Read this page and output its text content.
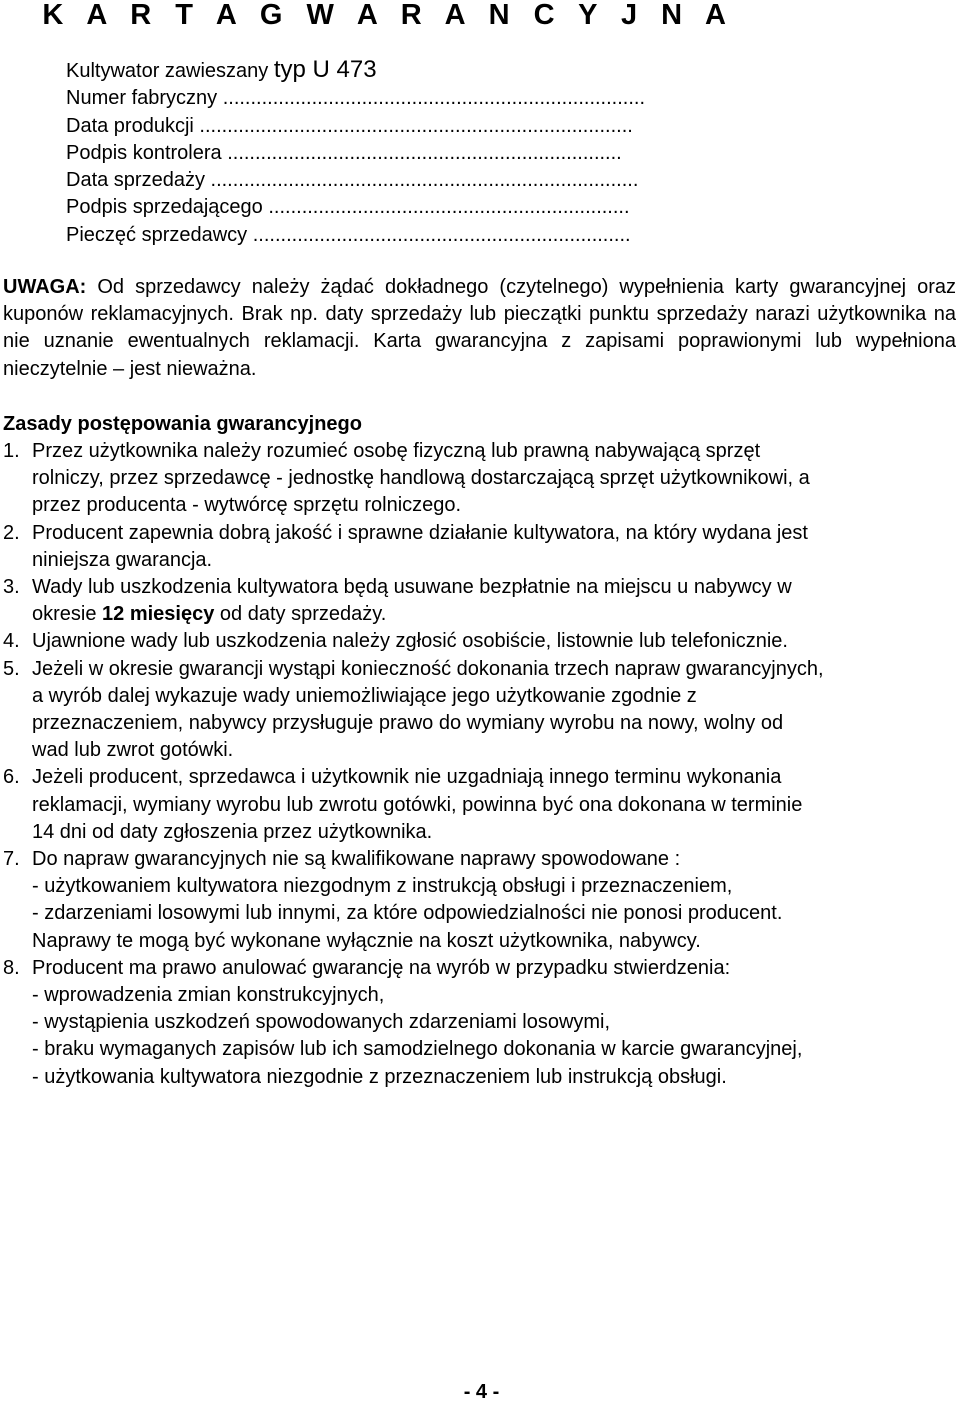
K A R T A G W A R A N C Y J N A
Kultywator zawieszany typ U 473
Numer fabryczny ............................................................................
Data produkcji ..............................................................................
Podpis kontrolera .......................................................................
Data sprzedaży .............................................................................
Podpis sprzedającego .................................................................
Pieczęć sprzedawcy ....................................................................
UWAGA: Od sprzedawcy należy żądać dokładnego (czytelnego) wypełnienia karty gwarancyjnej oraz kuponów reklamacyjnych. Brak np. daty sprzedaży lub pieczątki punktu sprzedaży narazi użytkownika na nie uznanie ewentualnych reklamacji. Karta gwarancyjna z zapisami poprawionymi lub wypełniona nieczytelnie – jest nieważna.
Zasady postępowania gwarancyjnego
1. Przez użytkownika należy rozumieć osobę fizyczną lub prawną nabywającą sprzęt
rolniczy, przez sprzedawcę - jednostkę handlową dostarczającą sprzęt użytkownikowi, a
przez producenta - wytwórcę sprzętu rolniczego.
2. Producent zapewnia dobrą jakość i sprawne działanie kultywatora, na który wydana jest
niniejsza gwarancja.
3. Wady lub uszkodzenia kultywatora będą usuwane bezpłatnie na miejscu u nabywcy w
okresie 12 miesięcy od daty sprzedaży.
4. Ujawnione wady lub uszkodzenia należy zgłosić osobiście, listownie lub telefonicznie.
5. Jeżeli w okresie gwarancji wystąpi konieczność dokonania trzech napraw gwarancyjnych,
a wyrób dalej wykazuje wady uniemożliwiające jego użytkowanie zgodnie z
przeznaczeniem, nabywcy przysługuje prawo do wymiany wyrobu na nowy, wolny od
wad lub zwrot gotówki.
6. Jeżeli producent, sprzedawca i użytkownik nie uzgadniają innego terminu wykonania
reklamacji, wymiany wyrobu lub zwrotu gotówki, powinna być ona dokonana w terminie
14 dni od daty zgłoszenia przez użytkownika.
7. Do napraw gwarancyjnych nie są kwalifikowane naprawy spowodowane :
- użytkowaniem kultywatora niezgodnym z instrukcją obsługi i przeznaczeniem,
- zdarzeniami losowymi lub innymi, za które odpowiedzialności nie ponosi producent.
Naprawy te mogą być wykonane wyłącznie na koszt użytkownika, nabywcy.
8. Producent ma prawo anulować gwarancję na wyrób w przypadku stwierdzenia:
- wprowadzenia zmian konstrukcyjnych,
- wystąpienia uszkodzeń spowodowanych zdarzeniami losowymi,
- braku wymaganych zapisów lub ich samodzielnego dokonania w karcie gwarancyjnej,
- użytkowania kultywatora niezgodnie z przeznaczeniem lub instrukcją obsługi.
- 4 -
